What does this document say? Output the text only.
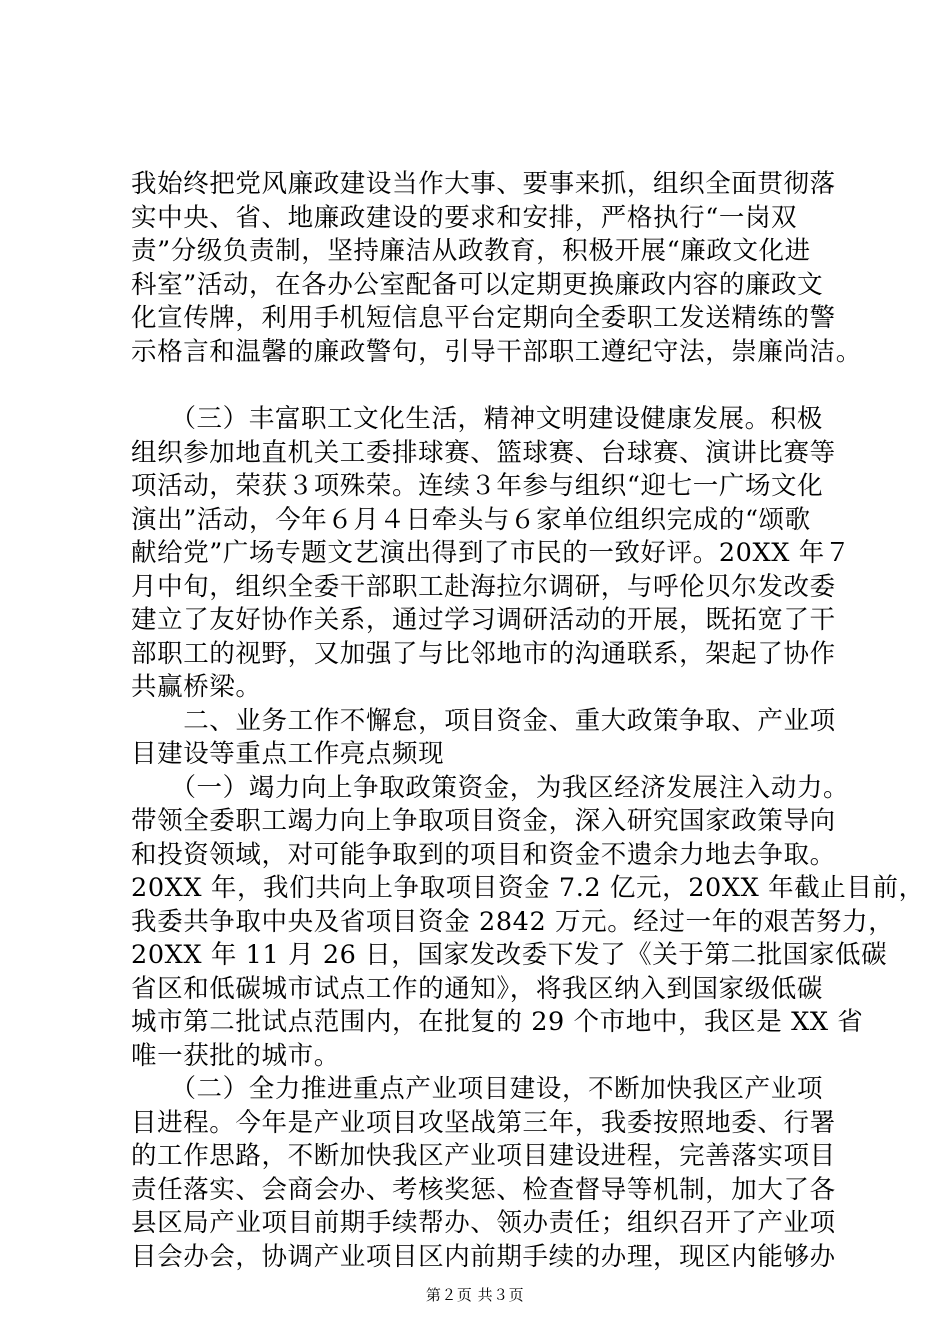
我始终把党风廉政建设当作大事、要事来抓，组织全面贯彻落
实中央、省、地廉政建设的要求和安排，严格执行“一岗双
责”分级负责制，坚持廉洁从政教育，积极开展“廉政文化进
科室”活动，在各办公室配备可以定期更换廉政内容的廉政文
化宣传牌，利用手机短信息平台定期向全委职工发送精练的警
示格言和温馨的廉政警句，引导干部职工遵纪守法，崇廉尚洁。
　　（三）丰富职工文化生活，精神文明建设健康发展。积极
组织参加地直机关工委排球赛、篮球赛、台球赛、演讲比赛等
项活动，荣获３项殊荣。连续３年参与组织“迎七一广场文化
演出”活动，今年６月４日牵头与６家单位组织完成的“颂歌
献给党”广场专题文艺演出得到了市民的一致好评。20XX 年７
月中旬，组织全委干部职工赴海拉尔调研，与呼伦贝尔发改委
建立了友好协作关系，通过学习调研活动的开展，既拓宽了干
部职工的视野，又加强了与比邻地市的沟通联系，架起了协作
共赢桥梁。
　　二、业务工作不懈怠，项目资金、重大政策争取、产业项
目建设等重点工作亮点频现
　　（一）竭力向上争取政策资金，为我区经济发展注入动力。
带领全委职工竭力向上争取项目资金，深入研究国家政策导向
和投资领域，对可能争取到的项目和资金不遗余力地去争取。
20XX 年，我们共向上争取项目资金 7.2 亿元，20XX 年截止目前，
我委共争取中央及省项目资金 2842 万元。经过一年的艰苦努力，
20XX 年 11 月 26 日，国家发改委下发了《关于第二批国家低碳
省区和低碳城市试点工作的通知》，将我区纳入到国家级低碳
城市第二批试点范围内，在批复的 29 个市地中，我区是 XX 省
唯一获批的城市。
　　（二）全力推进重点产业项目建设，不断加快我区产业项
目进程。今年是产业项目攻坚战第三年，我委按照地委、行署
的工作思路，不断加快我区产业项目建设进程，完善落实项目
责任落实、会商会办、考核奖惩、检查督导等机制，加大了各
县区局产业项目前期手续帮办、领办责任；组织召开了产业项
目会办会，协调产业项目区内前期手续的办理，现区内能够办
第２页 共３页
